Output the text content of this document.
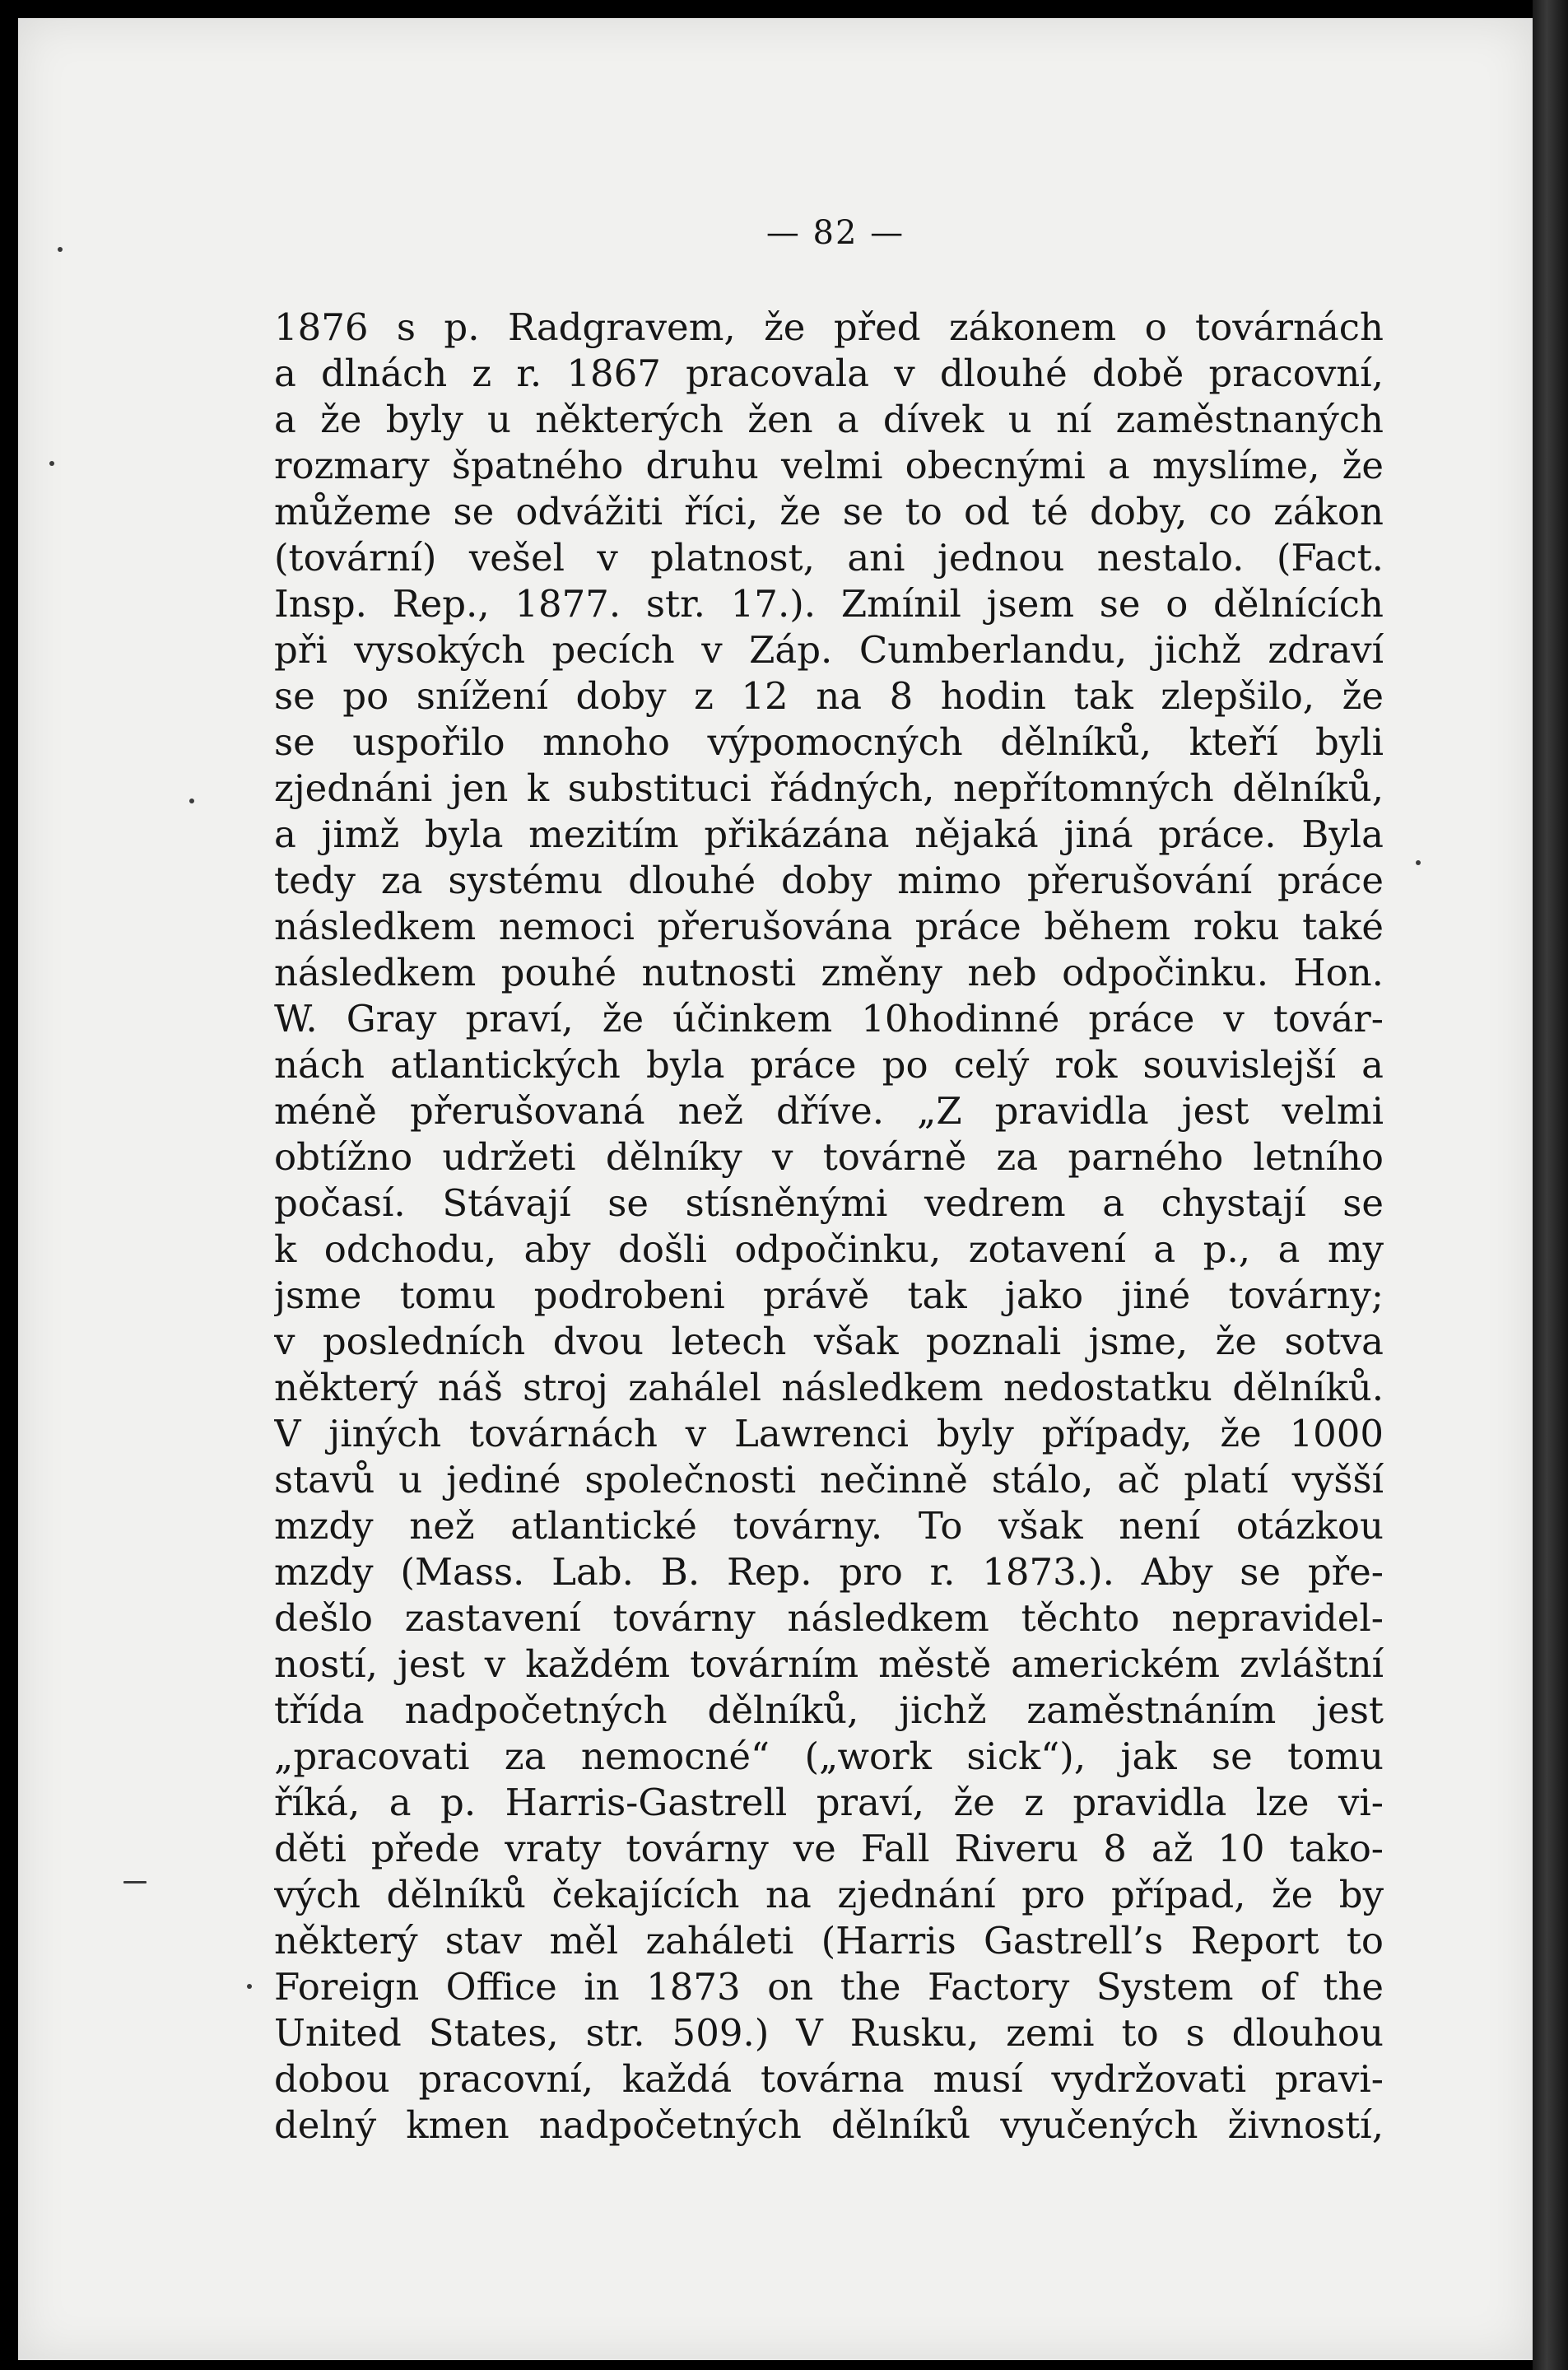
— 82 —
1876 s p. Radgravem, že před zákonem o továrnách
a dlnách z r. 1867 pracovala v dlouhé době pracovní,
a že byly u některých žen a dívek u ní zaměstnaných
rozmary špatného druhu velmi obecnými a myslíme, že
můžeme se odvážiti říci, že se to od té doby, co zákon
(tovární) vešel v platnost, ani jednou nestalo. (Fact.
Insp. Rep., 1877. str. 17.). Zmínil jsem se o dělnících
při vysokých pecích v Záp. Cumberlandu, jichž zdraví
se po snížení doby z 12 na 8 hodin tak zlepšilo, že
se uspořilo mnoho výpomocných dělníků, kteří byli
zjednáni jen k substituci řádných, nepřítomných dělníků,
a jimž byla mezitím přikázána nějaká jiná práce. Byla
tedy za systému dlouhé doby mimo přerušování práce
následkem nemoci přerušována práce během roku také
následkem pouhé nutnosti změny neb odpočinku. Hon.
W. Gray praví, že účinkem 10hodinné práce v továr-
nách atlantických byla práce po celý rok souvislejší a
méně přerušovaná než dříve. „Z pravidla jest velmi
obtížno udržeti dělníky v továrně za parného letního
počasí. Stávají se stísněnými vedrem a chystají se
k odchodu, aby došli odpočinku, zotavení a p., a my
jsme tomu podrobeni právě tak jako jiné továrny;
v posledních dvou letech však poznali jsme, že sotva
některý náš stroj zahálel následkem nedostatku dělníků.
V jiných továrnách v Lawrenci byly případy, že 1000
stavů u jediné společnosti nečinně stálo, ač platí vyšší
mzdy než atlantické továrny. To však není otázkou
mzdy (Mass. Lab. B. Rep. pro r. 1873.). Aby se pře-
dešlo zastavení továrny následkem těchto nepravidel-
ností, jest v každém továrním městě americkém zvláštní
třída nadpočetných dělníků, jichž zaměstnáním jest
„pracovati za nemocné“ („work sick“), jak se tomu
říká, a p. Harris-Gastrell praví, že z pravidla lze vi-
děti přede vraty továrny ve Fall Riveru 8 až 10 tako-
vých dělníků čekajících na zjednání pro případ, že by
některý stav měl zaháleti (Harris Gastrell’s Report to
Foreign Office in 1873 on the Factory System of the
United States, str. 509.) V Rusku, zemi to s dlouhou
dobou pracovní, každá továrna musí vydržovati pravi-
delný kmen nadpočetných dělníků vyučených živností,
